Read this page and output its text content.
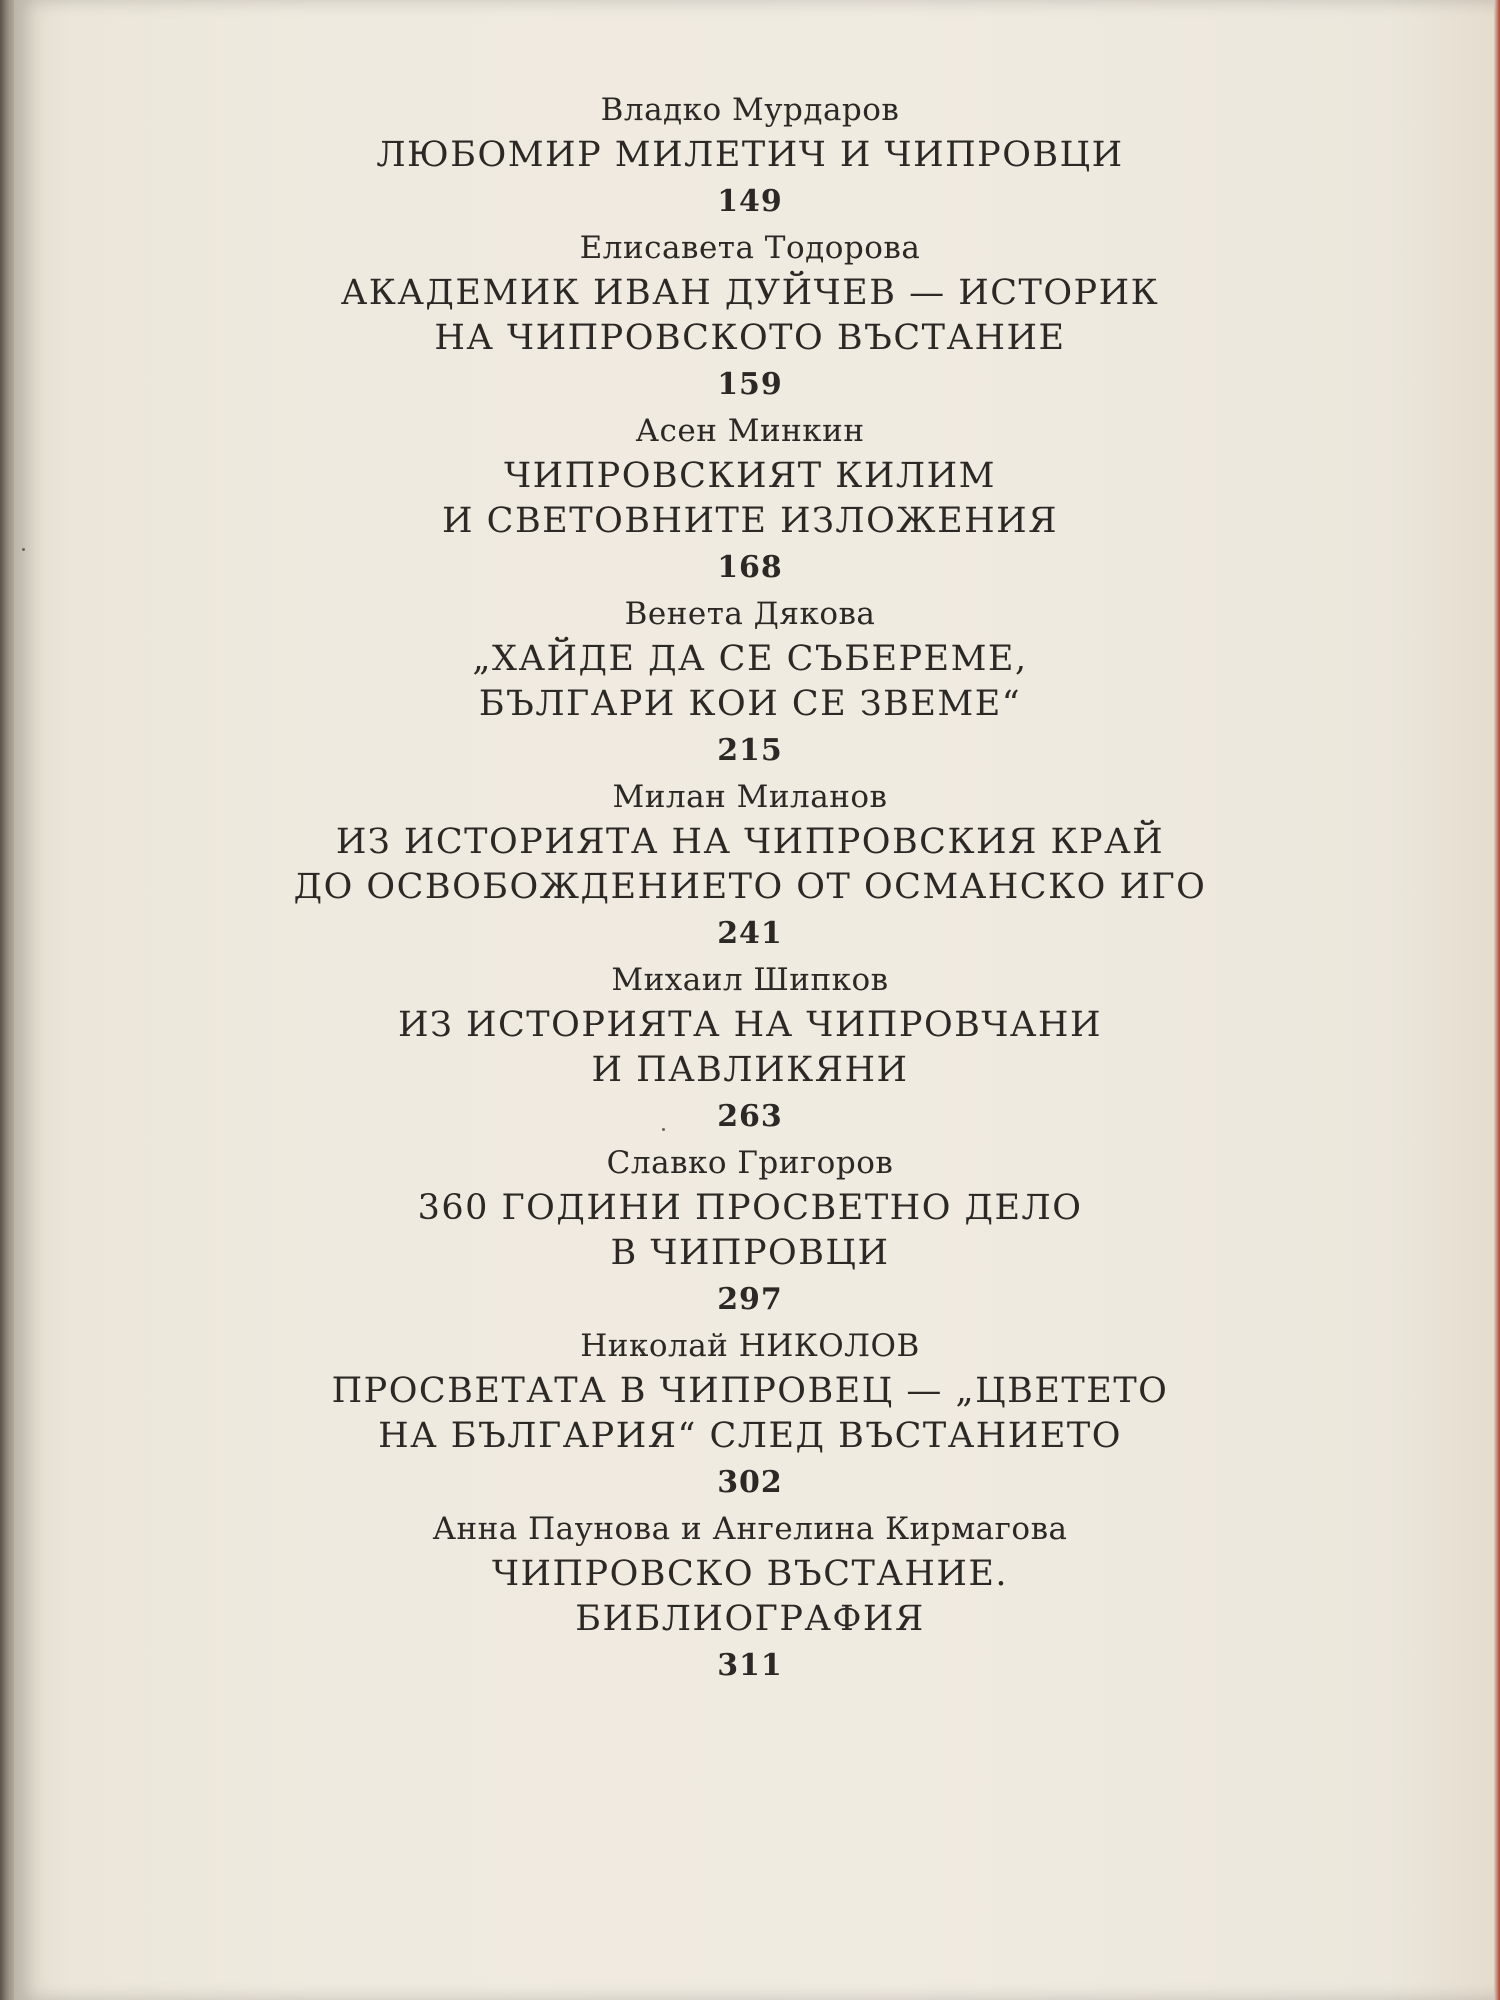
Владко Мурдаров
ЛЮБОМИР МИЛЕТИЧ И ЧИПРОВЦИ
149
Елисавета Тодорова
АКАДЕМИК ИВАН ДУЙЧЕВ — ИСТОРИК
НА ЧИПРОВСКОТО ВЪСТАНИЕ
159
Асен Минкин
ЧИПРОВСКИЯТ КИЛИМ
И СВЕТОВНИТЕ ИЗЛОЖЕНИЯ
168
Венета Дякова
„ХАЙДЕ ДА СЕ СЪБЕРЕМЕ,
БЪЛГАРИ КОИ СЕ ЗВЕМЕ“
215
Милан Миланов
ИЗ ИСТОРИЯТА НА ЧИПРОВСКИЯ КРАЙ
ДО ОСВОБОЖДЕНИЕТО ОТ ОСМАНСКО ИГО
241
Михаил Шипков
ИЗ ИСТОРИЯТА НА ЧИПРОВЧАНИ
И ПАВЛИКЯНИ
263
Славко Григоров
360 ГОДИНИ ПРОСВЕТНО ДЕЛО
В ЧИПРОВЦИ
297
Николай НИКОЛОВ
ПРОСВЕТАТА В ЧИПРОВЕЦ — „ЦВЕТЕТО
НА БЪЛГАРИЯ“ СЛЕД ВЪСТАНИЕТО
302
Анна Паунова и Ангелина Кирмагова
ЧИПРОВСКО ВЪСТАНИЕ.
БИБЛИОГРАФИЯ
311
